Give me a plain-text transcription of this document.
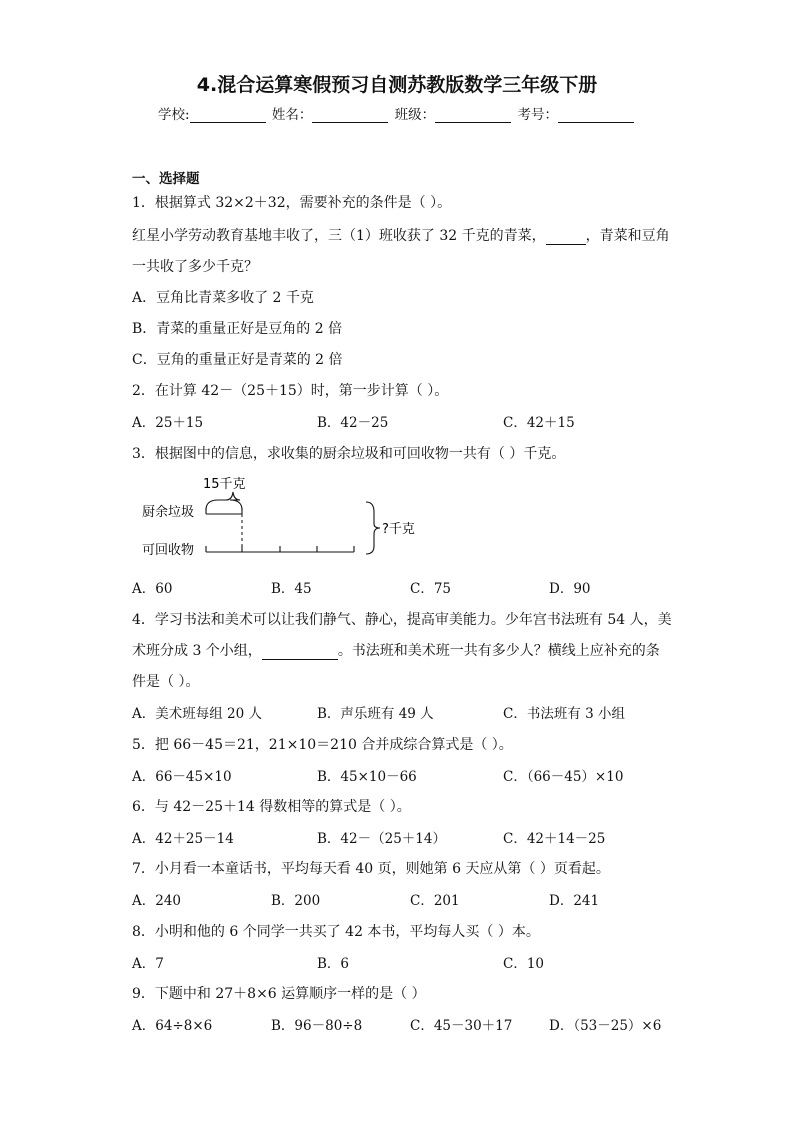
4.混合运算寒假预习自测苏教版数学三年级下册
学校:	姓名：	班级：	考号：
一、选择题
1．根据算式 32×2＋32，需要补充的条件是（ ）。
红星小学劳动教育基地丰收了，三（1）班收获了 32 千克的青菜，	，青菜和豆角
一共收了多少千克？
A．豆角比青菜多收了 2 千克
B．青菜的重量正好是豆角的 2 倍
C．豆角的重量正好是青菜的 2 倍
2．在计算 42－（25＋15）时，第一步计算（ ）。
A．25＋15	B．42－25	C．42＋15
3．根据图中的信息，求收集的厨余垃圾和可回收物一共有（ ）千克。
15千克
厨余垃圾
可回收物
?千克
A．60	B．45	C．75	D．90
4．学习书法和美术可以让我们静气、静心，提高审美能力。少年宫书法班有 54 人，美
术班分成 3 个小组，	。书法班和美术班一共有多少人？横线上应补充的条
件是（ ）。
A．美术班每组 20 人	B．声乐班有 49 人	C．书法班有 3 小组
5．把 66－45＝21，21×10＝210 合并成综合算式是（ ）。
A．66－45×10	B．45×10－66	C．（66－45）×10
6．与 42－25＋14 得数相等的算式是（ ）。
A．42＋25－14	B．42－（25＋14）	C．42＋14－25
7．小月看一本童话书，平均每天看 40 页，则她第 6 天应从第（ ）页看起。
A．240	B．200	C．201	D．241
8．小明和他的 6 个同学一共买了 42 本书，平均每人买（ ）本。
A．7	B．6	C．10
9．下题中和 27＋8×6 运算顺序一样的是（ ）
A．64÷8×6	B．96－80÷8	C．45－30＋17	D．（53－25）×6
